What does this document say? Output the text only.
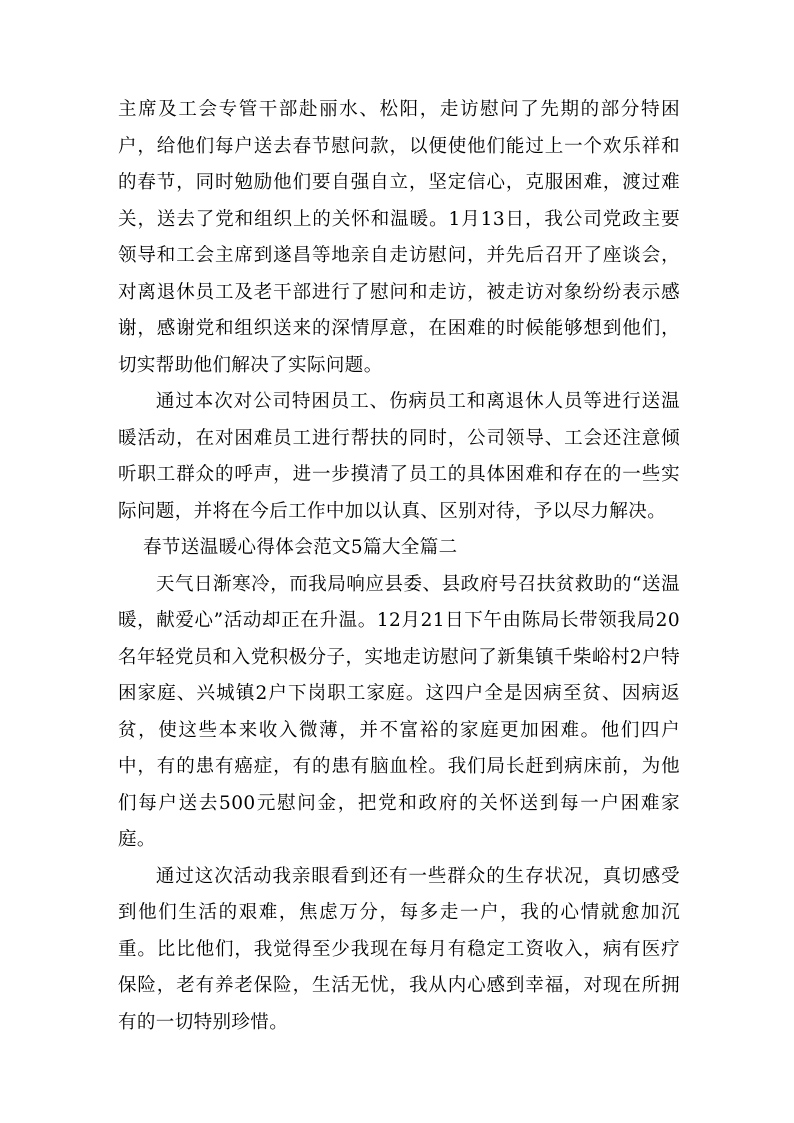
主席及工会专管干部赴丽水、松阳，走访慰问了先期的部分特困户，给他们每户送去春节慰问款，以便使他们能过上一个欢乐祥和的春节，同时勉励他们要自强自立，坚定信心，克服困难，渡过难关，送去了党和组织上的关怀和温暖。1月13日，我公司党政主要领导和工会主席到遂昌等地亲自走访慰问，并先后召开了座谈会，对离退休员工及老干部进行了慰问和走访，被走访对象纷纷表示感谢，感谢党和组织送来的深情厚意，在困难的时候能够想到他们，切实帮助他们解决了实际问题。

通过本次对公司特困员工、伤病员工和离退休人员等进行送温暖活动，在对困难员工进行帮扶的同时，公司领导、工会还注意倾听职工群众的呼声，进一步摸清了员工的具体困难和存在的一些实际问题，并将在今后工作中加以认真、区别对待，予以尽力解决。

春节送温暖心得体会范文5篇大全篇二

天气日渐寒冷，而我局响应县委、县政府号召扶贫救助的“送温暖，献爱心”活动却正在升温。12月21日下午由陈局长带领我局20名年轻党员和入党积极分子，实地走访慰问了新集镇千柴峪村2户特困家庭、兴城镇2户下岗职工家庭。这四户全是因病至贫、因病返贫，使这些本来收入微薄，并不富裕的家庭更加困难。他们四户中，有的患有癌症，有的患有脑血栓。我们局长赶到病床前，为他们每户送去500元慰问金，把党和政府的关怀送到每一户困难家庭。

通过这次活动我亲眼看到还有一些群众的生存状况，真切感受到他们生活的艰难，焦虑万分，每多走一户，我的心情就愈加沉重。比比他们，我觉得至少我现在每月有稳定工资收入，病有医疗保险，老有养老保险，生活无忧，我从内心感到幸福，对现在所拥有的一切特别珍惜。
